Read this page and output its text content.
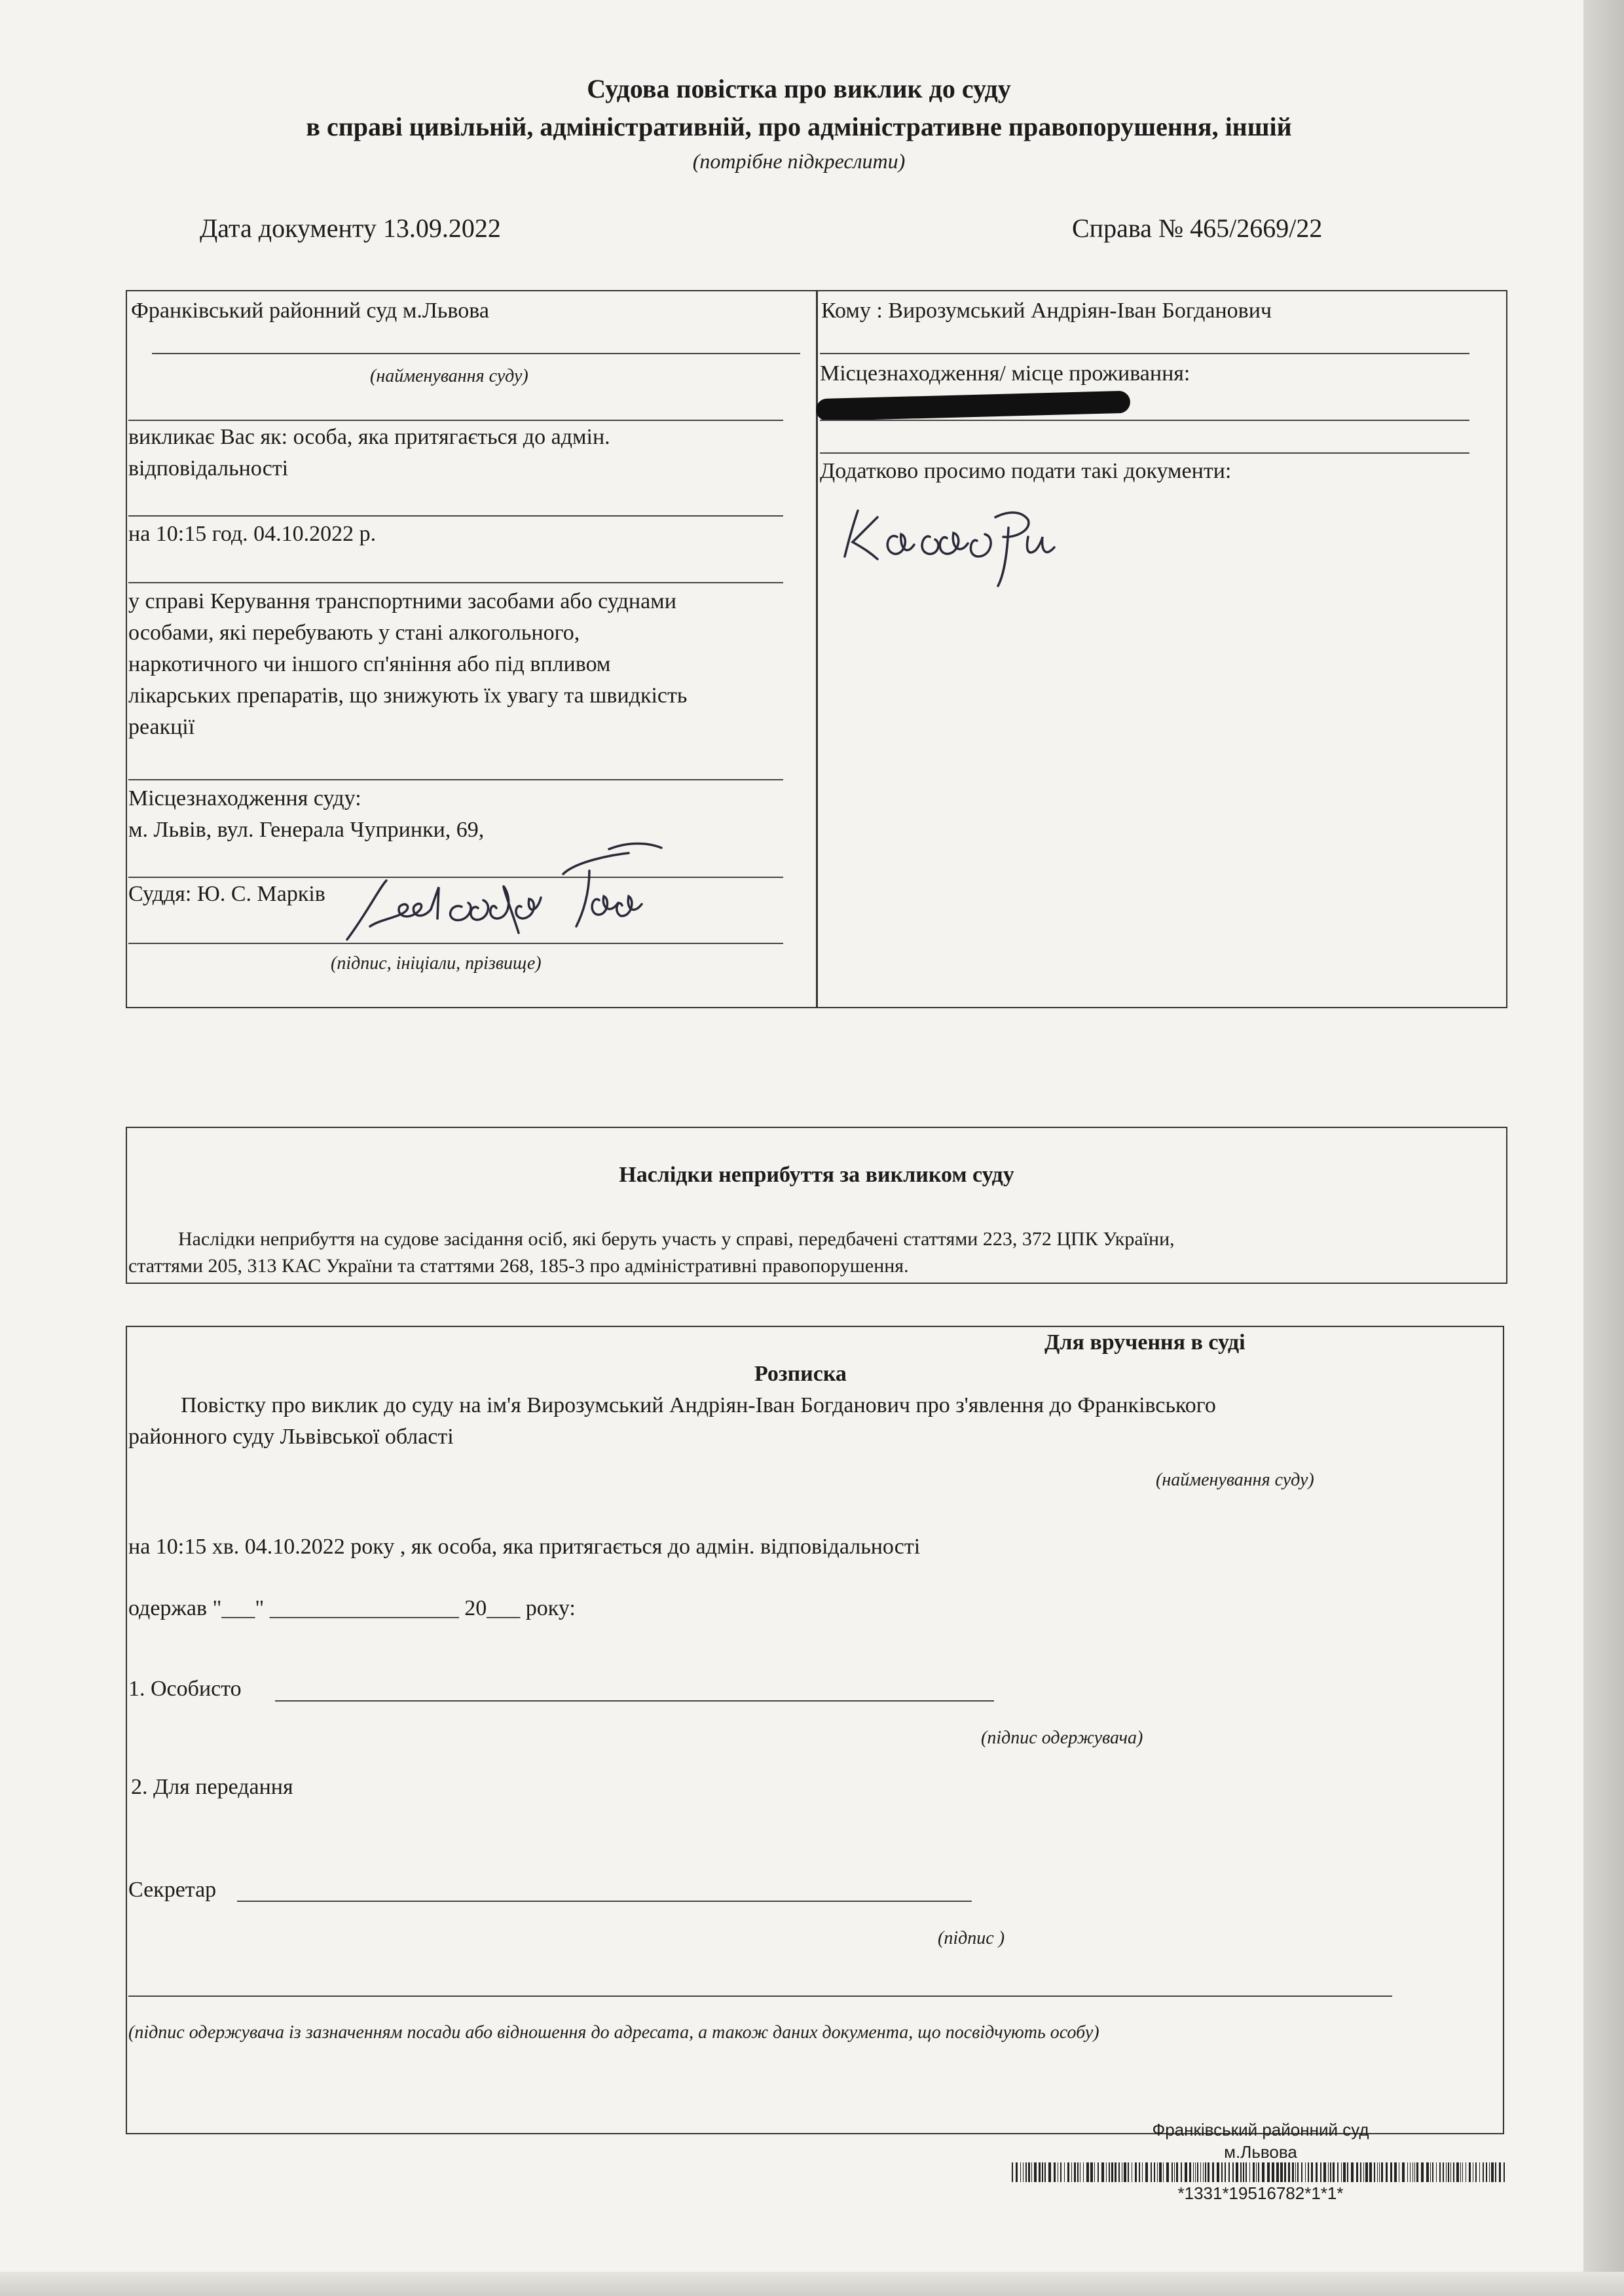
Судова повістка про виклик до суду
в справі цивільній, адміністративній, про адміністративне правопорушення, іншій
(потрібне підкреслити)
Дата документу 13.09.2022	Справа № 465/2669/22
Франківський районний суд м.Львова
(найменування суду)
викликає Вас як: особа, яка притягається до адмін.
відповідальності
на 10:15 год. 04.10.2022 р.
у справі Керування транспортними засобами або суднами
особами, які перебувають у стані алкогольного,
наркотичного чи іншого сп'яніння або під впливом
лікарських препаратів, що знижують їх увагу та швидкість
реакції
Місцезнаходження суду:
м. Львів, вул. Генерала Чупринки, 69,
Суддя: Ю. С. Марків
(підпис, ініціали, прізвище)
Кому : Вирозумський Андріян-Іван Богданович
Місцезнаходження/ місце проживання:
Додатково просимо подати такі документи:
Наслідки неприбуття за викликом суду
Наслідки неприбуття на судове засідання осіб, які беруть участь у справі, передбачені статтями 223, 372 ЦПК України,
статтями 205, 313 КАС України та статтями 268, 185-3 про адміністративні правопорушення.
Для вручення в суді
Розписка
Повістку про виклик до суду на ім'я Вирозумський Андріян-Іван Богданович про з'явлення до Франківського
районного суду Львівської області
(найменування суду)
на 10:15 хв. 04.10.2022 року , як особа, яка притягається до адмін. відповідальності
одержав "___" _________________ 20___ року:
1. Особисто
(підпис одержувача)
2. Для передання
Секретар
(підпис )
(підпис одержувача із зазначенням посади або відношення до адресата, а також даних документа, що посвідчують особу)
Франківський районний суд
м.Львова
*1331*19516782*1*1*
